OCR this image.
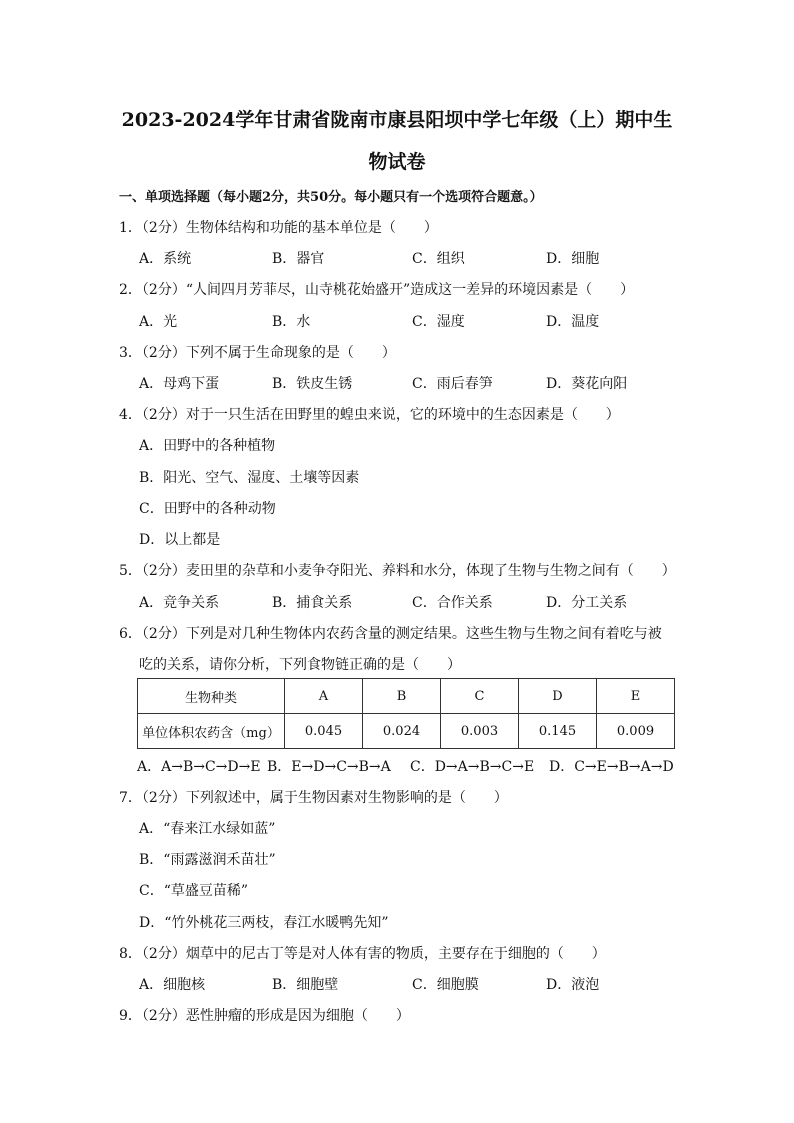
2023-2024学年甘肃省陇南市康县阳坝中学七年级（上）期中生
物试卷
一、单项选择题（每小题2分，共50分。每小题只有一个选项符合题意。）
1．（2分）生物体结构和功能的基本单位是（　　）
A．系统	B．器官	C．组织	D．细胞
2．（2分）“人间四月芳菲尽，山寺桃花始盛开”造成这一差异的环境因素是（　　）
A．光	B．水	C．湿度	D．温度
3．（2分）下列不属于生命现象的是（　　）
A．母鸡下蛋	B．铁皮生锈	C．雨后春笋	D．葵花向阳
4．（2分）对于一只生活在田野里的蝗虫来说，它的环境中的生态因素是（　　）
A．田野中的各种植物
B．阳光、空气、湿度、土壤等因素
C．田野中的各种动物
D．以上都是
5．（2分）麦田里的杂草和小麦争夺阳光、养料和水分，体现了生物与生物之间有（　　）
A．竞争关系	B．捕食关系	C．合作关系	D．分工关系
6．（2分）下列是对几种生物体内农药含量的测定结果。这些生物与生物之间有着吃与被
吃的关系，请你分析，下列食物链正确的是（　　）
生物种类	A	B	C	D	E
单位体积农药含（mg）	0.045	0.024	0.003	0.145	0.009
A．A→B→C→D→E B．E→D→C→B→A C．D→A→B→C→E D．C→E→B→A→D
7．（2分）下列叙述中，属于生物因素对生物影响的是（　　）
A．“春来江水绿如蓝”
B．“雨露滋润禾苗壮”
C．“草盛豆苗稀”
D．“竹外桃花三两枝，春江水暖鸭先知”
8．（2分）烟草中的尼古丁等是对人体有害的物质，主要存在于细胞的（　　）
A．细胞核	B．细胞壁	C．细胞膜	D．液泡
9．（2分）恶性肿瘤的形成是因为细胞（　　）
